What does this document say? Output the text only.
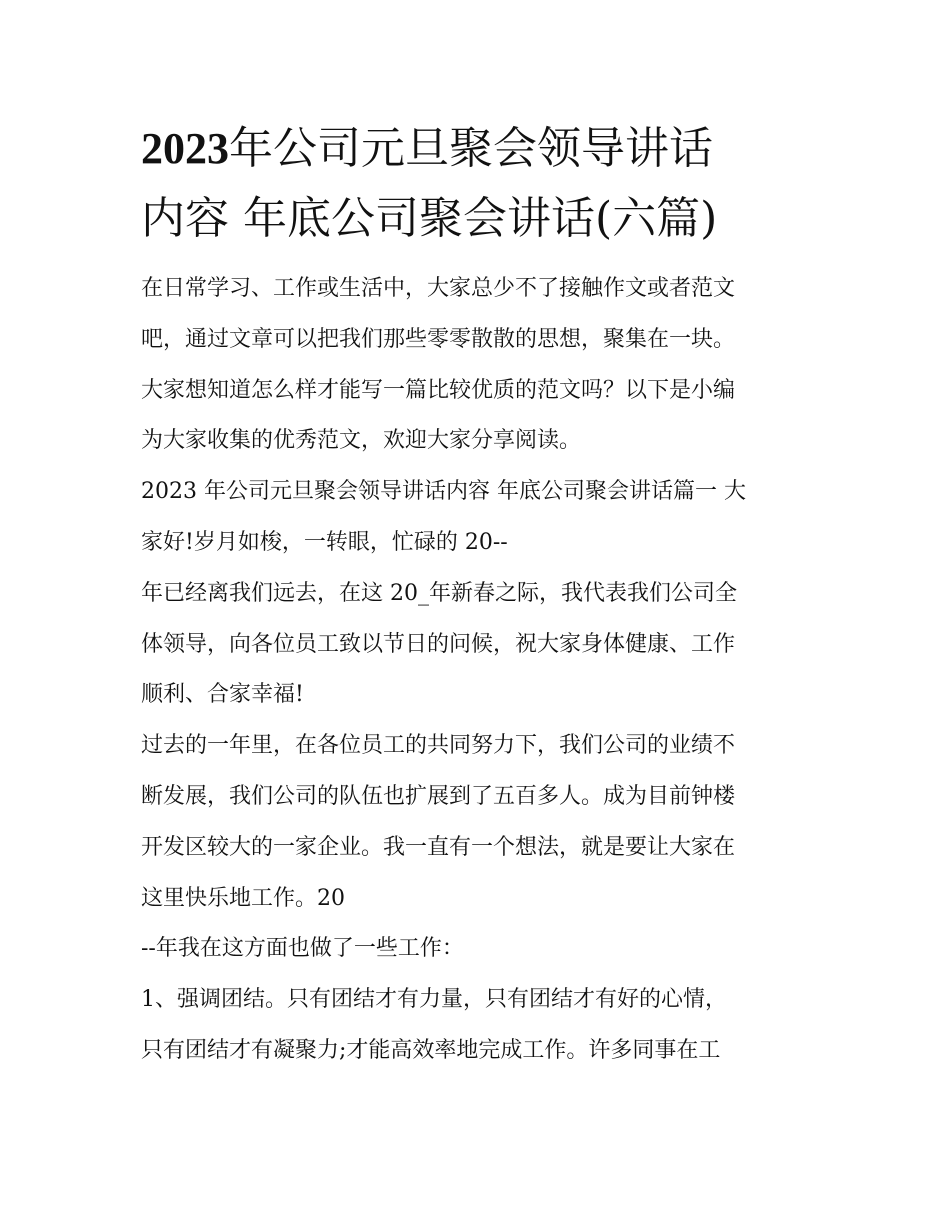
2023年公司元旦聚会领导讲话
内容 年底公司聚会讲话(六篇)
在日常学习、工作或生活中，大家总少不了接触作文或者范文
吧，通过文章可以把我们那些零零散散的思想，聚集在一块。
大家想知道怎么样才能写一篇比较优质的范文吗？以下是小编
为大家收集的优秀范文，欢迎大家分享阅读。
2023 年公司元旦聚会领导讲话内容 年底公司聚会讲话篇一 大
家好!岁月如梭，一转眼，忙碌的 20--
年已经离我们远去，在这 20_年新春之际，我代表我们公司全
体领导，向各位员工致以节日的问候，祝大家身体健康、工作
顺利、合家幸福!
过去的一年里，在各位员工的共同努力下，我们公司的业绩不
断发展，我们公司的队伍也扩展到了五百多人。成为目前钟楼
开发区较大的一家企业。我一直有一个想法，就是要让大家在
这里快乐地工作。20
--年我在这方面也做了一些工作：
1、强调团结。只有团结才有力量，只有团结才有好的心情，
只有团结才有凝聚力;才能高效率地完成工作。许多同事在工
